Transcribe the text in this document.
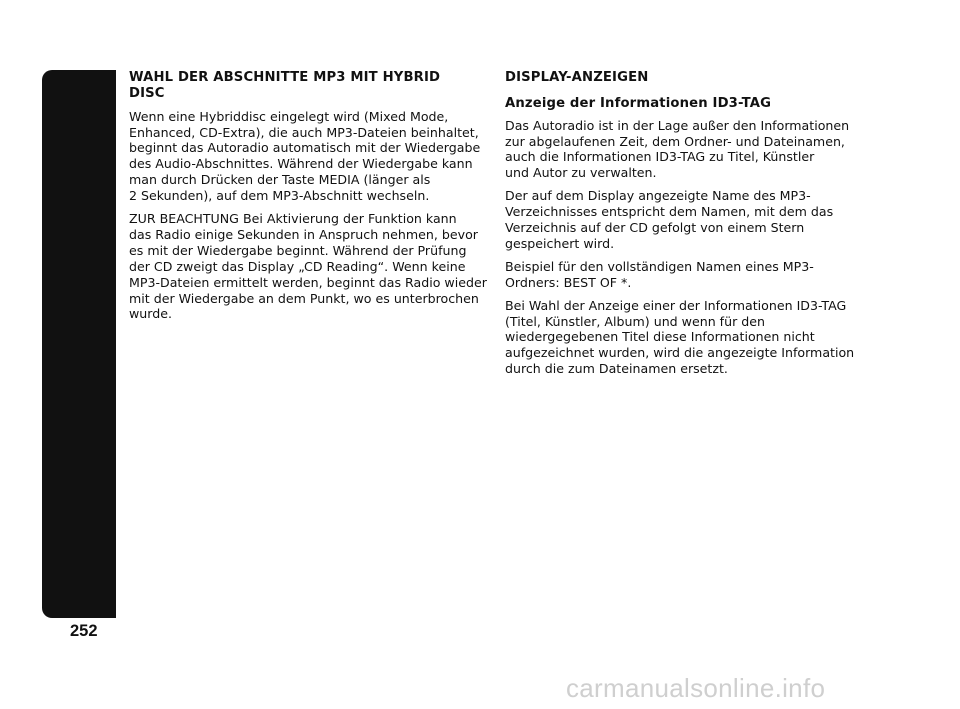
AUTORADIO
252
WAHL DER ABSCHNITTE MP3 MIT HYBRID
DISC

Wenn eine Hybriddisc eingelegt wird (Mixed Mode,
Enhanced, CD-Extra), die auch MP3-Dateien beinhaltet,
beginnt das Autoradio automatisch mit der Wiedergabe
des Audio-Abschnittes. Während der Wiedergabe kann
man durch Drücken der Taste MEDIA (länger als
2 Sekunden), auf dem MP3-Abschnitt wechseln.

ZUR BEACHTUNG Bei Aktivierung der Funktion kann
das Radio einige Sekunden in Anspruch nehmen, bevor
es mit der Wiedergabe beginnt. Während der Prüfung
der CD zweigt das Display „CD Reading“. Wenn keine
MP3-Dateien ermittelt werden, beginnt das Radio wieder
mit der Wiedergabe an dem Punkt, wo es unterbrochen
wurde.

DISPLAY-ANZEIGEN
Anzeige der Informationen ID3-TAG

Das Autoradio ist in der Lage außer den Informationen
zur abgelaufenen Zeit, dem Ordner- und Dateinamen,
auch die Informationen ID3-TAG zu Titel, Künstler
und Autor zu verwalten.

Der auf dem Display angezeigte Name des MP3-
Verzeichnisses entspricht dem Namen, mit dem das
Verzeichnis auf der CD gefolgt von einem Stern
gespeichert wird.

Beispiel für den vollständigen Namen eines MP3-
Ordners: BEST OF *.

Bei Wahl der Anzeige einer der Informationen ID3-TAG
(Titel, Künstler, Album) und wenn für den
wiedergegebenen Titel diese Informationen nicht
aufgezeichnet wurden, wird die angezeigte Information
durch die zum Dateinamen ersetzt.

carmanualsonline.info
